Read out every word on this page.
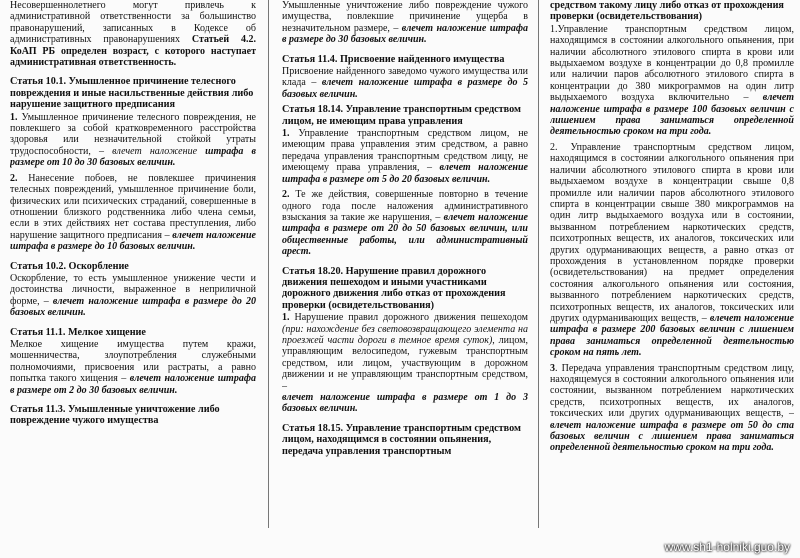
Несовершеннолетнего могут привлечь к административной ответственности за большинство правонарушений, записанных в Кодексе об административных правонарушениях Статьей 4.2. КоАП РБ определен возраст, с которого наступает административная ответственность.

Статья 10.1. Умышленное причинение телесного повреждения и иные насильственные действия либо нарушение защитного предписания

1. Умышленное причинение телесного повреждения, не повлекшего за собой кратковременного расстройства здоровья или незначительной стойкой утраты трудоспособности, – влечет наложение штрафа в размере от 10 до 30 базовых величин.

2. Нанесение побоев, не повлекшее причинения телесных повреждений, умышленное причинение боли, физических или психических страданий, совершенные в отношении близкого родственника либо члена семьи, если в этих действиях нет состава преступления, либо нарушение защитного предписания – влечет наложение штрафа в размере до 10 базовых величин.

Статья 10.2. Оскорбление

Оскорбление, то есть умышленное унижение чести и достоинства личности, выраженное в неприличной форме, – влечет наложение штрафа в размере до 20 базовых величин.

Статья 11.1. Мелкое хищение

Мелкое хищение имущества путем кражи, мошенничества, злоупотребления служебными полномочиями, присвоения или растраты, а равно попытка такого хищения – влечет наложение штрафа в размере от 2 до 30 базовых величин.

Статья 11.3. Умышленные уничтожение либо повреждение чужого имущества

Умышленные уничтожение либо повреждение чужого имущества, повлекшие причинение ущерба в незначительном размере, – влечет наложение штрафа в размере до 30 базовых величин.

Статья 11.4. Присвоение найденного имущества

Присвоение найденного заведомо чужого имущества или клада – влечет наложение штрафа в размере до 5 базовых величин.

Статья 18.14. Управление транспортным средством лицом, не имеющим права управления

1. Управление транспортным средством лицом, не имеющим права управления этим средством, а равно передача управления транспортным средством лицу, не имеющему права управления, – влечет наложение штрафа в размере от 5 до 20 базовых величин.

2. Те же действия, совершенные повторно в течение одного года после наложения административного взыскания за такие же нарушения, – влечет наложение штрафа в размере от 20 до 50 базовых величин, или общественные работы, или административный арест.

Статья 18.20. Нарушение правил дорожного движения пешеходом и иными участниками дорожного движения либо отказ от прохождения проверки (освидетельствования)

1. Нарушение правил дорожного движения пешеходом (при: нахождение без световозвращающего элемента на проезжей части дороги в темное время суток), лицом, управляющим велосипедом, гужевым транспортным средством, или лицом, участвующим в дорожном движении и не управляющим транспортным средством, –
влечет наложение штрафа в размере от 1 до 3 базовых величин.

Статья 18.15. Управление транспортным средством лицом, находящимся в состоянии опьянения, передача управления транспортным
средством такому лицу либо отказ от прохождения проверки (освидетельствования)

1.Управление транспортным средством лицом, находящимся в состоянии алкогольного опьянения, при наличии абсолютного этилового спирта в крови или выдыхаемом воздухе в концентрации до 0,8 промилле или наличии паров абсолютного этилового спирта в концентрации до 380 микрограммов на один литр выдыхаемого воздуха включительно – влечет наложение штрафа в размере 100 базовых величин с лишением права заниматься определенной деятельностью сроком на три года.

2. Управление транспортным средством лицом, находящимся в состоянии алкогольного опьянения при наличии абсолютного этилового спирта в крови или выдыхаемом воздухе в концентрации свыше 0,8 промилле или наличии паров абсолютного этилового спирта в концентрации свыше 380 микрограммов на один литр выдыхаемого воздуха или в состоянии, вызванном потреблением наркотических средств, психотропных веществ, их аналогов, токсических или других одурманивающих веществ, а равно отказ от прохождения в установленном порядке проверки (освидетельствования) на предмет определения состояния алкогольного опьянения или состояния, вызванного потреблением наркотических средств, психотропных веществ, их аналогов, токсических или других одурманивающих веществ, – влечет наложение штрафа в размере 200 базовых величин с лишением права заниматься определенной деятельностью сроком на пять лет.

3. Передача управления транспортным средством лицу, находящемуся в состоянии алкогольного опьянения или состоянии, вызванном потреблением наркотических средств, психотропных веществ, их аналогов, токсических или других одурманивающих веществ, – влечет наложение штрафа в размере от 50 до ста базовых величин с лишением права заниматься определенной деятельностью сроком на три года.

www.sh1-holniki.guo.by
